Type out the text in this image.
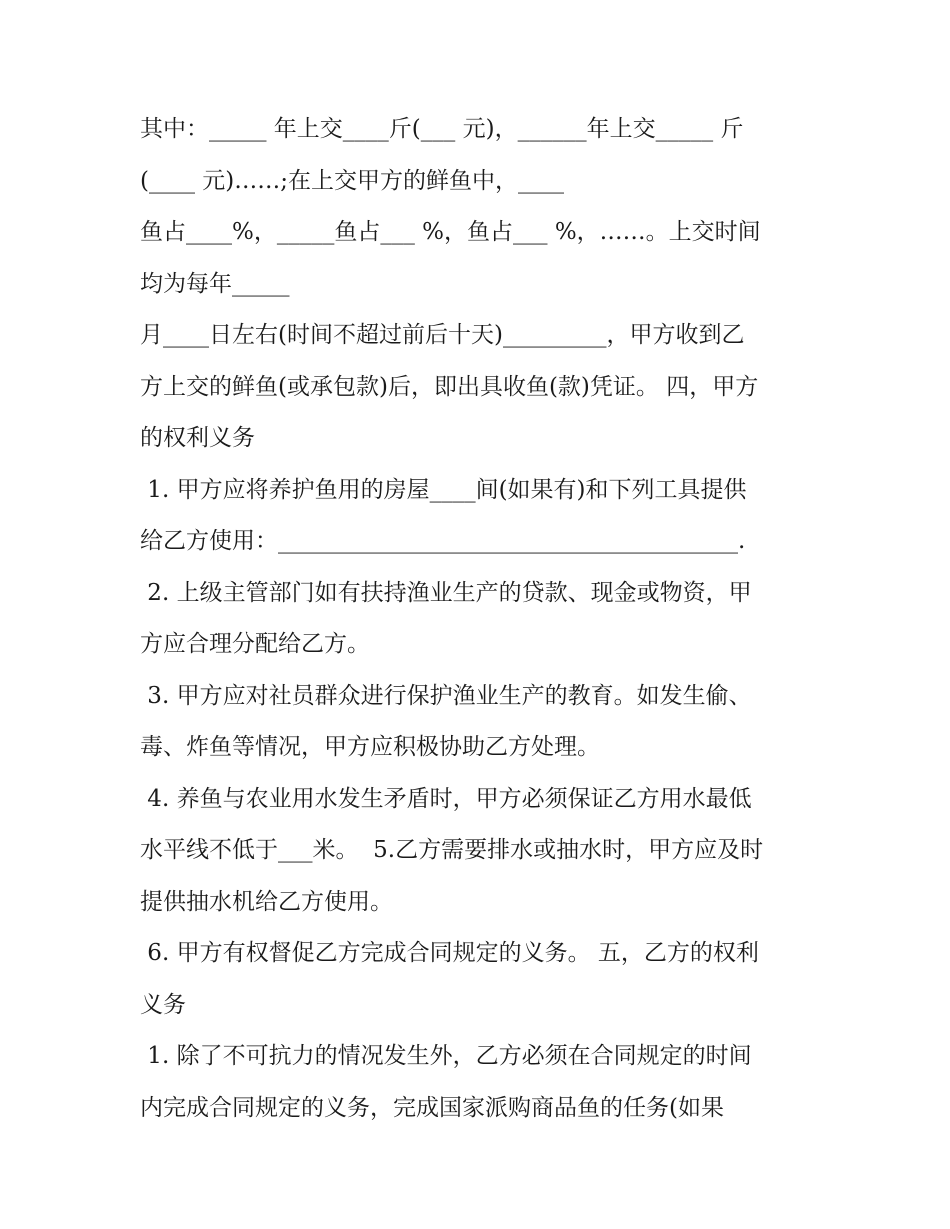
其中：_____ 年上交____斤(___ 元)，______年上交_____ 斤
(____ 元)……;在上交甲方的鲜鱼中，____
鱼占____%，_____鱼占___ %，鱼占___ %，……。上交时间
均为每年_____
月____日左右(时间不超过前后十天)_________，甲方收到乙
方上交的鲜鱼(或承包款)后，即出具收鱼(款)凭证。 四，甲方
的权利义务
1. 甲方应将养护鱼用的房屋____间(如果有)和下列工具提供
给乙方使用：________________________________________.
2. 上级主管部门如有扶持渔业生产的贷款、现金或物资，甲
方应合理分配给乙方。
3. 甲方应对社员群众进行保护渔业生产的教育。如发生偷、
毒、炸鱼等情况，甲方应积极协助乙方处理。
4. 养鱼与农业用水发生矛盾时，甲方必须保证乙方用水最低
水平线不低于___米。  5.乙方需要排水或抽水时，甲方应及时
提供抽水机给乙方使用。
6. 甲方有权督促乙方完成合同规定的义务。 五，乙方的权利
义务
1. 除了不可抗力的情况发生外，乙方必须在合同规定的时间
内完成合同规定的义务，完成国家派购商品鱼的任务(如果
